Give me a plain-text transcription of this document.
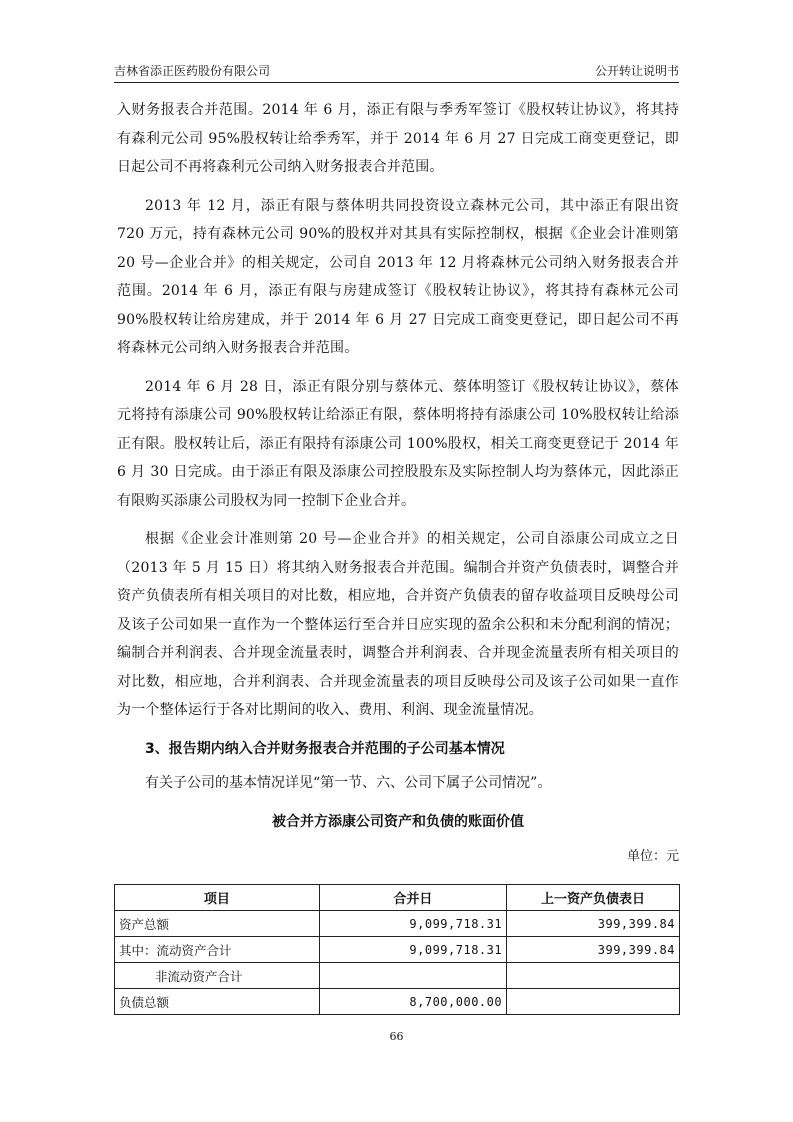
吉林省添正医药股份有限公司	公开转让说明书

入财务报表合并范围。2014 年 6 月，添正有限与季秀军签订《股权转让协议》，将其持有森利元公司 95%股权转让给季秀军，并于 2014 年 6 月 27 日完成工商变更登记，即日起公司不再将森利元公司纳入财务报表合并范围。

2013 年 12 月，添正有限与蔡体明共同投资设立森林元公司，其中添正有限出资 720 万元，持有森林元公司 90%的股权并对其具有实际控制权，根据《企业会计准则第 20 号—企业合并》的相关规定，公司自 2013 年 12 月将森林元公司纳入财务报表合并范围。2014 年 6 月，添正有限与房建成签订《股权转让协议》，将其持有森林元公司 90%股权转让给房建成，并于 2014 年 6 月 27 日完成工商变更登记，即日起公司不再将森林元公司纳入财务报表合并范围。

2014 年 6 月 28 日，添正有限分别与蔡体元、蔡体明签订《股权转让协议》，蔡体元将持有添康公司 90%股权转让给添正有限，蔡体明将持有添康公司 10%股权转让给添正有限。股权转让后，添正有限持有添康公司 100%股权，相关工商变更登记于 2014 年 6 月 30 日完成。由于添正有限及添康公司控股股东及实际控制人均为蔡体元，因此添正有限购买添康公司股权为同一控制下企业合并。

根据《企业会计准则第 20 号—企业合并》的相关规定，公司自添康公司成立之日（2013 年 5 月 15 日）将其纳入财务报表合并范围。编制合并资产负债表时，调整合并资产负债表所有相关项目的对比数，相应地，合并资产负债表的留存收益项目反映母公司及该子公司如果一直作为一个整体运行至合并日应实现的盈余公积和未分配利润的情况；编制合并利润表、合并现金流量表时，调整合并利润表、合并现金流量表所有相关项目的对比数，相应地，合并利润表、合并现金流量表的项目反映母公司及该子公司如果一直作为一个整体运行于各对比期间的收入、费用、利润、现金流量情况。

3、报告期内纳入合并财务报表合并范围的子公司基本情况

有关子公司的基本情况详见“第一节、六、公司下属子公司情况”。

被合并方添康公司资产和负债的账面价值

单位：元

项目	合并日	上一资产负债表日
资产总额	9,099,718.31	399,399.84
其中：流动资产合计	9,099,718.31	399,399.84
非流动资产合计		
负债总额	8,700,000.00	
66
